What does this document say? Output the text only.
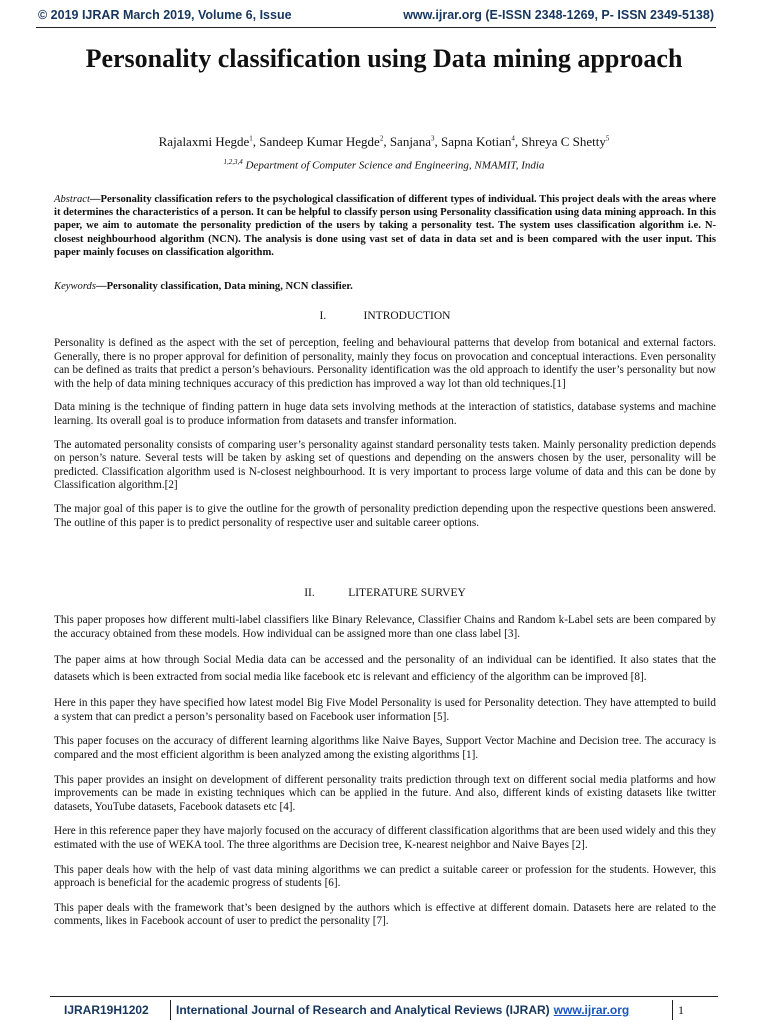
© 2019 IJRAR March 2019, Volume 6, Issue	www.ijrar.org (E-ISSN 2348-1269, P- ISSN 2349-5138)
Personality classification using Data mining approach
Rajalaxmi Hegde$^1$, Sandeep Kumar Hegde$^2$, Sanjana$^3$, Sapna Kotian$^4$, Shreya C Shetty$^5$
$^{1,2,3,4}$ Department of Computer Science and Engineering, NMAMIT, India
Abstract—Personality classification refers to the psychological classification of different types of individual. This project deals with the areas where it determines the characteristics of a person. It can be helpful to classify person using Personality classification using data mining approach. In this paper, we aim to automate the personality prediction of the users by taking a personality test. The system uses classification algorithm i.e. N-closest neighbourhood algorithm (NCN). The analysis is done using vast set of data in data set and is been compared with the user input. This paper mainly focuses on classification algorithm.
Keywords—Personality classification, Data mining, NCN classifier.
I.	INTRODUCTION

Personality is defined as the aspect with the set of perception, feeling and behavioural patterns that develop from botanical and external factors. Generally, there is no proper approval for definition of personality, mainly they focus on provocation and conceptual interactions. Even personality can be defined as traits that predict a person’s behaviours. Personality identification was the old approach to identify the user’s personality but now with the help of data mining techniques accuracy of this prediction has improved a way lot than old techniques.[1]

Data mining is the technique of finding pattern in huge data sets involving methods at the interaction of statistics, database systems and machine learning. Its overall goal is to produce information from datasets and transfer information.

The automated personality consists of comparing user’s personality against standard personality tests taken. Mainly personality prediction depends on person’s nature. Several tests will be taken by asking set of questions and depending on the answers chosen by the user, personality will be predicted. Classification algorithm used is N-closest neighbourhood. It is very important to process large volume of data and this can be done by Classification algorithm.[2]

The major goal of this paper is to give the outline for the growth of personality prediction depending upon the respective questions been answered. The outline of this paper is to predict personality of respective user and suitable career options.

II.	LITERATURE SURVEY

This paper proposes how different multi-label classifiers like Binary Relevance, Classifier Chains and Random k-Label sets are been compared by the accuracy obtained from these models. How individual can be assigned more than one class label [3].

The paper aims at how through Social Media data can be accessed and the personality of an individual can be identified. It also states that the datasets which is been extracted from social media like facebook etc is relevant and efficiency of the algorithm can be improved [8].

Here in this paper they have specified how latest model Big Five Model Personality is used for Personality detection. They have attempted to build a system that can predict a person’s personality based on Facebook user information [5].

This paper focuses on the accuracy of different learning algorithms like Naive Bayes, Support Vector Machine and Decision tree. The accuracy is compared and the most efficient algorithm is been analyzed among the existing algorithms [1].

This paper provides an insight on development of different personality traits prediction through text on different social media platforms and how improvements can be made in existing techniques which can be applied in the future. And also, different kinds of existing datasets like twitter datasets, YouTube datasets, Facebook datasets etc [4].

Here in this reference paper they have majorly focused on the accuracy of different classification algorithms that are been used widely and this they estimated with the use of WEKA tool. The three algorithms are Decision tree, K-nearest neighbor and Naive Bayes [2].

This paper deals how with the help of vast data mining algorithms we can predict a suitable career or profession for the students. However, this approach is beneficial for the academic progress of students [6].

This paper deals with the framework that’s been designed by the authors which is effective at different domain. Datasets here are related to the comments, likes in Facebook account of user to predict the personality [7].

IJRAR19H1202 International Journal of Research and Analytical Reviews (IJRAR) www.ijrar.org	1
